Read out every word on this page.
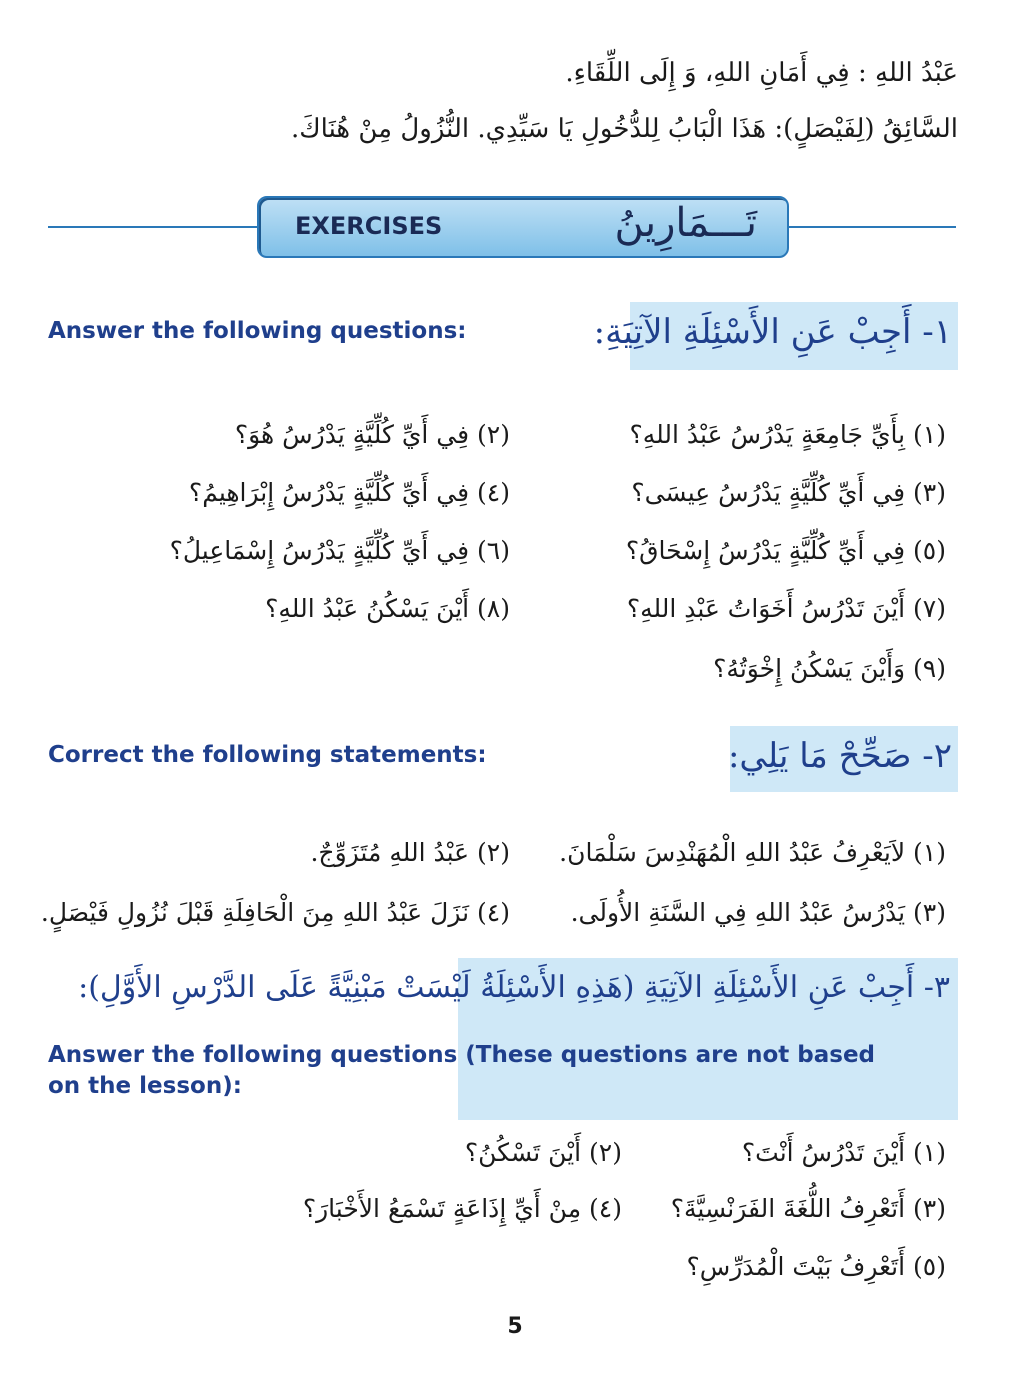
عَبْدُ اللهِ : فِي أَمَانِ اللهِ، وَ إِلَى اللِّقَاءِ.
السَّائِقُ (لِفَيْصَلٍ): هَذَا الْبَابُ لِلدُّخُولِ يَا سَيِّدِي. النُّزُولُ مِنْ هُنَاكَ.
EXERCISES	تَـــمَارِينُ
١- أَجِبْ عَنِ الأَسْئِلَةِ الآتِيَةِ:
Answer the following questions:
(١) بِأَيِّ جَامِعَةٍ يَدْرُسُ عَبْدُ اللهِ؟
(٢) فِي أَيِّ كُلِّيَّةٍ يَدْرُسُ هُوَ؟
(٣) فِي أَيِّ كُلِّيَّةٍ يَدْرُسُ عِيسَى؟
(٤) فِي أَيِّ كُلِّيَّةٍ يَدْرُسُ إِبْرَاهِيمُ؟
(٥) فِي أَيِّ كُلِّيَّةٍ يَدْرُسُ إِسْحَاقُ؟
(٦) فِي أَيِّ كُلِّيَّةٍ يَدْرُسُ إِسْمَاعِيلُ؟
(٧) أَيْنَ تَدْرُسُ أَخَوَاتُ عَبْدِ اللهِ؟
(٨) أَيْنَ يَسْكُنُ عَبْدُ اللهِ؟
(٩) وَأَيْنَ يَسْكُنُ إِخْوَتُهُ؟
٢- صَحِّحْ مَا يَلِي:
Correct the following statements:
(١) لاَيَعْرِفُ عَبْدُ اللهِ الْمُهَنْدِسَ سَلْمَانَ.
(٢) عَبْدُ اللهِ مُتَزَوِّجٌ.
(٣) يَدْرُسُ عَبْدُ اللهِ فِي السَّنَةِ الأُولَى.
(٤) نَزَلَ عَبْدُ اللهِ مِنَ الْحَافِلَةِ قَبْلَ نُزُولِ فَيْصَلٍ.
٣- أَجِبْ عَنِ الأَسْئِلَةِ الآتِيَةِ (هَذِهِ الأَسْئِلَةُ لَيْسَتْ مَبْنِيَّةً عَلَى الدَّرْسِ الأَوَّلِ):
Answer the following questions (These questions are not based on the lesson):
(١) أَيْنَ تَدْرُسُ أَنْتَ؟
(٢) أَيْنَ تَسْكُنُ؟
(٣) أَتَعْرِفُ اللُّغَةَ الفَرَنْسِيَّةَ؟
(٤) مِنْ أَيِّ إِذَاعَةٍ تَسْمَعُ الأَخْبَارَ؟
(٥) أَتَعْرِفُ بَيْتَ الْمُدَرِّسِ؟
5
